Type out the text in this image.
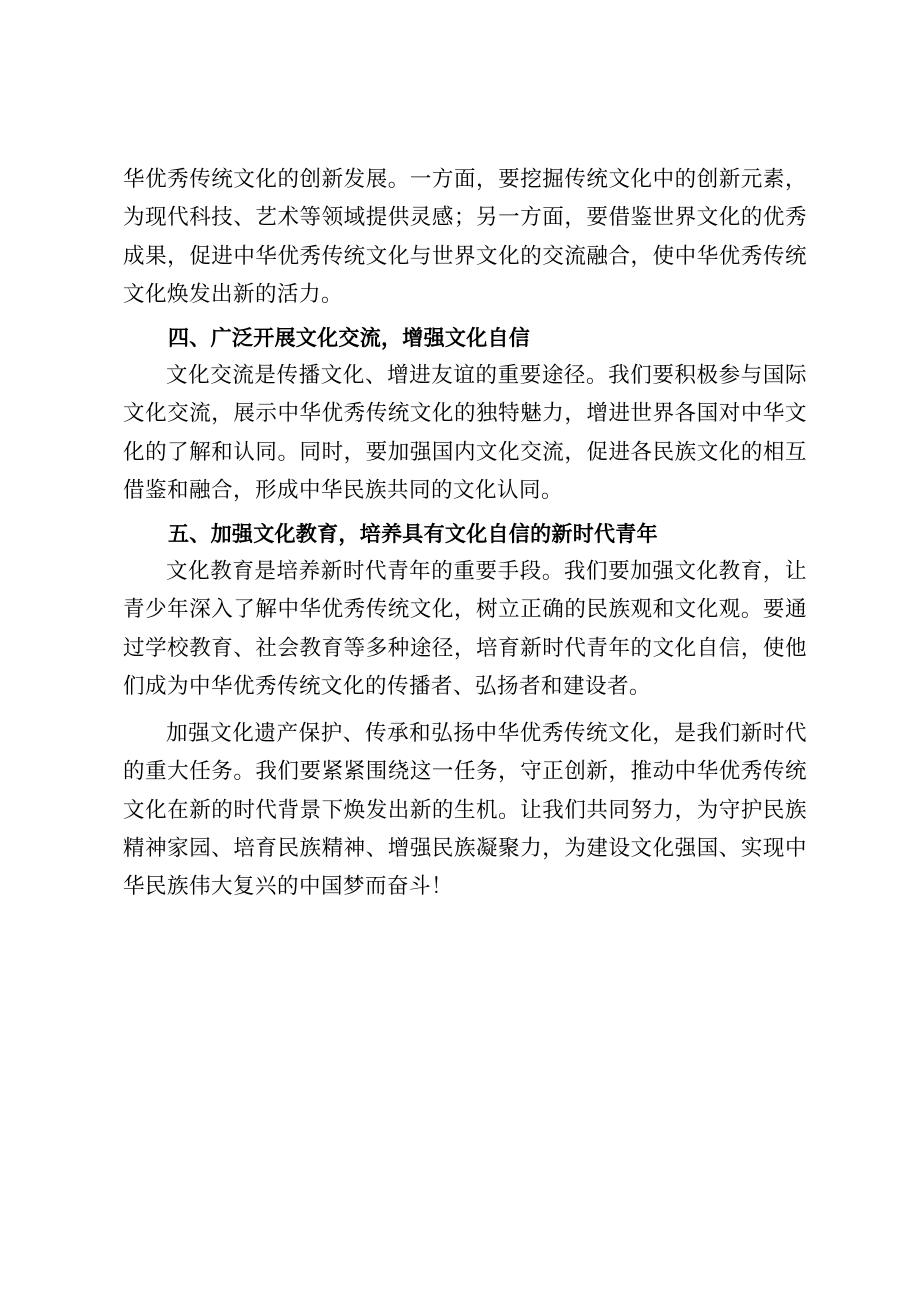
华优秀传统文化的创新发展。一方面，要挖掘传统文化中的创新元素，为现代科技、艺术等领域提供灵感；另一方面，要借鉴世界文化的优秀成果，促进中华优秀传统文化与世界文化的交流融合，使中华优秀传统文化焕发出新的活力。

四、广泛开展文化交流，增强文化自信

文化交流是传播文化、增进友谊的重要途径。我们要积极参与国际文化交流，展示中华优秀传统文化的独特魅力，增进世界各国对中华文化的了解和认同。同时，要加强国内文化交流，促进各民族文化的相互借鉴和融合，形成中华民族共同的文化认同。

五、加强文化教育，培养具有文化自信的新时代青年

文化教育是培养新时代青年的重要手段。我们要加强文化教育，让青少年深入了解中华优秀传统文化，树立正确的民族观和文化观。要通过学校教育、社会教育等多种途径，培育新时代青年的文化自信，使他们成为中华优秀传统文化的传播者、弘扬者和建设者。

加强文化遗产保护、传承和弘扬中华优秀传统文化，是我们新时代的重大任务。我们要紧紧围绕这一任务，守正创新，推动中华优秀传统文化在新的时代背景下焕发出新的生机。让我们共同努力，为守护民族精神家园、培育民族精神、增强民族凝聚力，为建设文化强国、实现中华民族伟大复兴的中国梦而奋斗！
